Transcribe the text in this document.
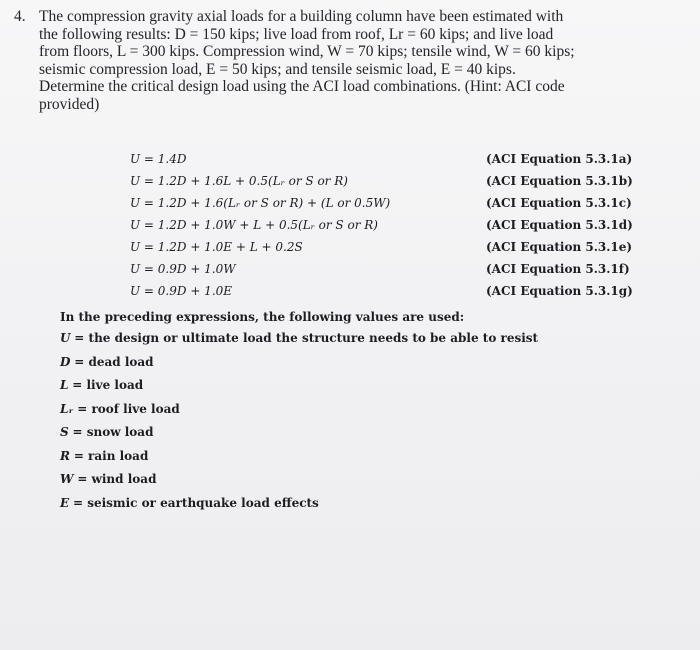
4. The compression gravity axial loads for a building column have been estimated with
the following results: D = 150 kips; live load from roof, Lr = 60 kips; and live load
from floors, L = 300 kips. Compression wind, W = 70 kips; tensile wind, W = 60 kips;
seismic compression load, E = 50 kips; and tensile seismic load, E = 40 kips.
Determine the critical design load using the ACI load combinations. (Hint: ACI code
provided)
U = 1.4D	(ACI Equation 5.3.1a)
U = 1.2D + 1.6L + 0.5(Lᵣ or S or R)	(ACI Equation 5.3.1b)
U = 1.2D + 1.6(Lᵣ or S or R) + (L or 0.5W)	(ACI Equation 5.3.1c)
U = 1.2D + 1.0W + L + 0.5(Lᵣ or S or R)	(ACI Equation 5.3.1d)
U = 1.2D + 1.0E + L + 0.2S	(ACI Equation 5.3.1e)
U = 0.9D + 1.0W	(ACI Equation 5.3.1f)
U = 0.9D + 1.0E	(ACI Equation 5.3.1g)
In the preceding expressions, the following values are used:
U = the design or ultimate load the structure needs to be able to resist
D = dead load
L = live load
Lᵣ = roof live load
S = snow load
R = rain load
W = wind load
E = seismic or earthquake load effects
